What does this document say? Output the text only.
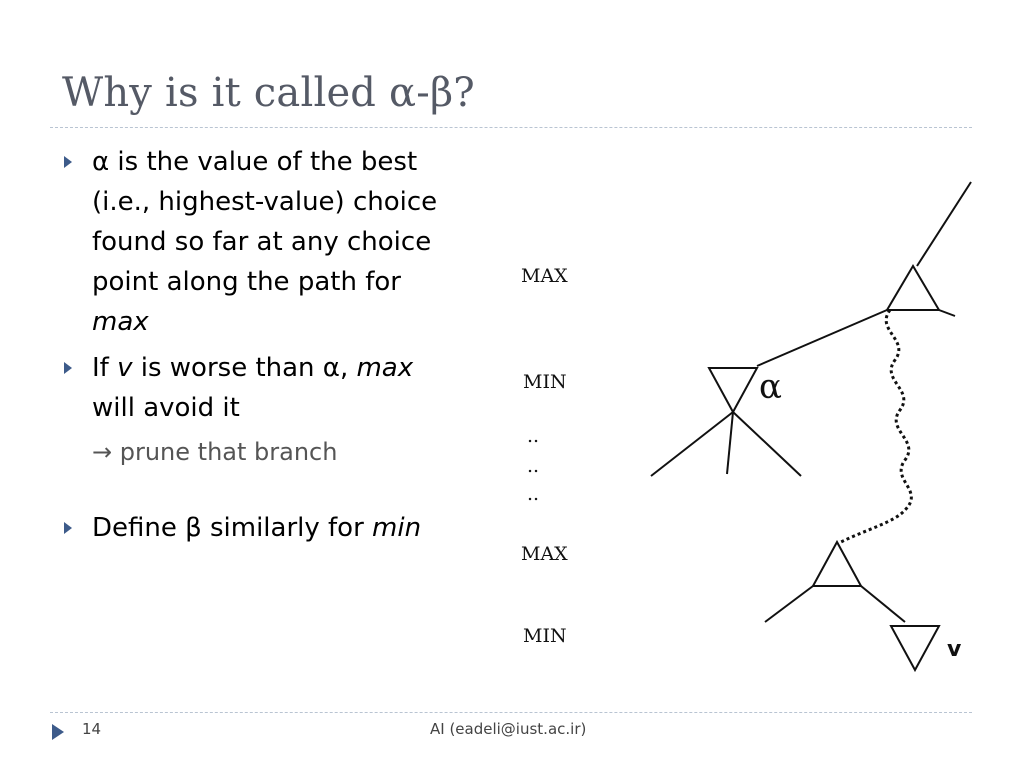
Why is it called α-β?
α is the value of the best
(i.e., highest-value) choice
found so far at any choice
point along the path for
max
If v is worse than α, max
will avoid it
→ prune that branch
Define β similarly for min
MAX
MIN
..
..
..
MAX
MIN
α
v
14	AI (eadeli@iust.ac.ir)
